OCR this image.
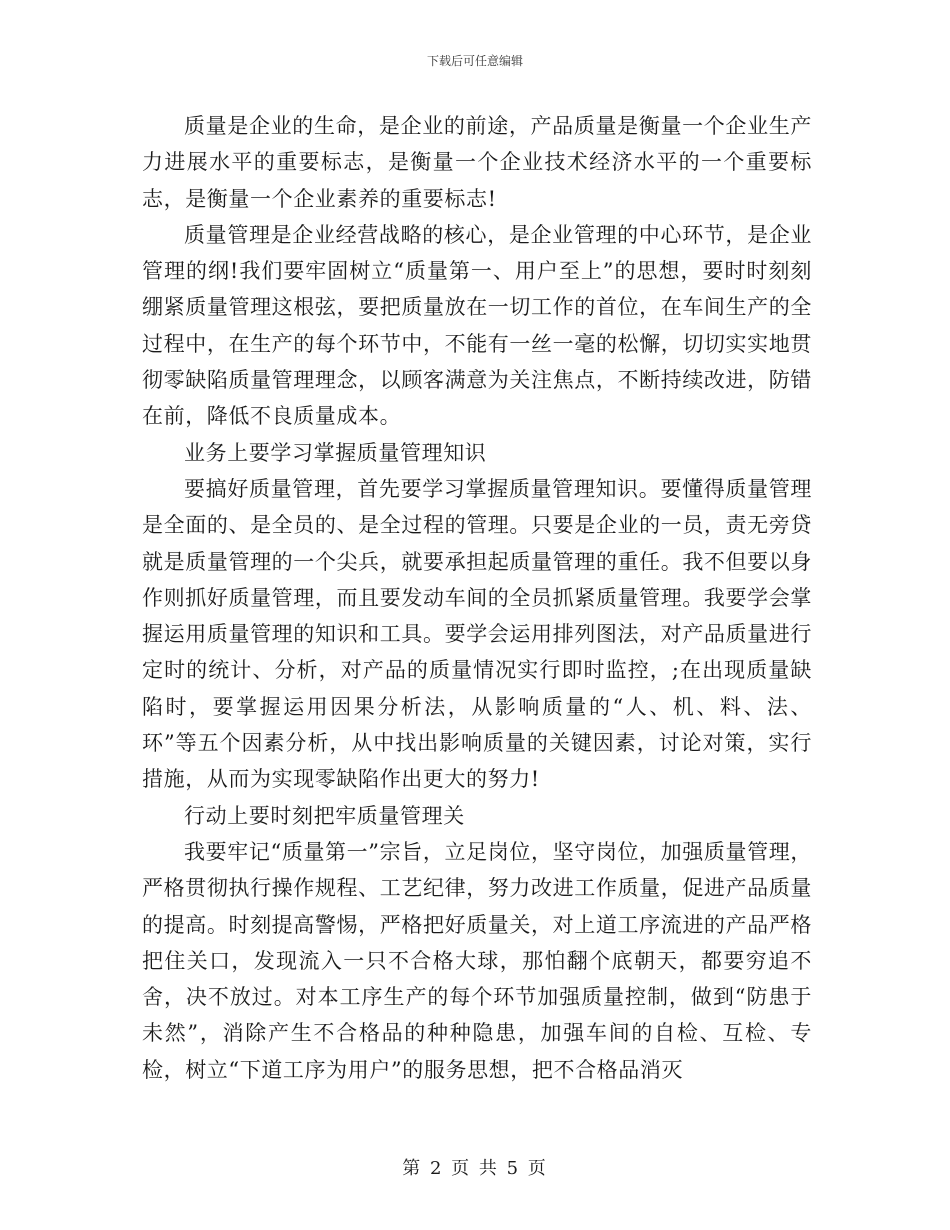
下载后可任意编辑

质量是企业的生命，是企业的前途，产品质量是衡量一个企业生产力进展水平的重要标志，是衡量一个企业技术经济水平的一个重要标志，是衡量一个企业素养的重要标志!

质量管理是企业经营战略的核心，是企业管理的中心环节，是企业管理的纲!我们要牢固树立“质量第一、用户至上”的思想，要时时刻刻绷紧质量管理这根弦，要把质量放在一切工作的首位，在车间生产的全过程中，在生产的每个环节中，不能有一丝一毫的松懈，切切实实地贯彻零缺陷质量管理理念，以顾客满意为关注焦点，不断持续改进，防错在前，降低不良质量成本。

业务上要学习掌握质量管理知识

要搞好质量管理，首先要学习掌握质量管理知识。要懂得质量管理是全面的、是全员的、是全过程的管理。只要是企业的一员，责无旁贷就是质量管理的一个尖兵，就要承担起质量管理的重任。我不但要以身作则抓好质量管理，而且要发动车间的全员抓紧质量管理。我要学会掌握运用质量管理的知识和工具。要学会运用排列图法，对产品质量进行定时的统计、分析，对产品的质量情况实行即时监控，;在出现质量缺陷时，要掌握运用因果分析法，从影响质量的“人、机、料、法、环”等五个因素分析，从中找出影响质量的关键因素，讨论对策，实行措施，从而为实现零缺陷作出更大的努力!

行动上要时刻把牢质量管理关

我要牢记“质量第一”宗旨，立足岗位，坚守岗位，加强质量管理，严格贯彻执行操作规程、工艺纪律，努力改进工作质量，促进产品质量的提高。时刻提高警惕，严格把好质量关，对上道工序流进的产品严格把住关口，发现流入一只不合格大球，那怕翻个底朝天，都要穷追不舍，决不放过。对本工序生产的每个环节加强质量控制，做到“防患于未然”，消除产生不合格品的种种隐患，加强车间的自检、互检、专检，树立“下道工序为用户”的服务思想，把不合格品消灭

第 2 页 共 5 页
